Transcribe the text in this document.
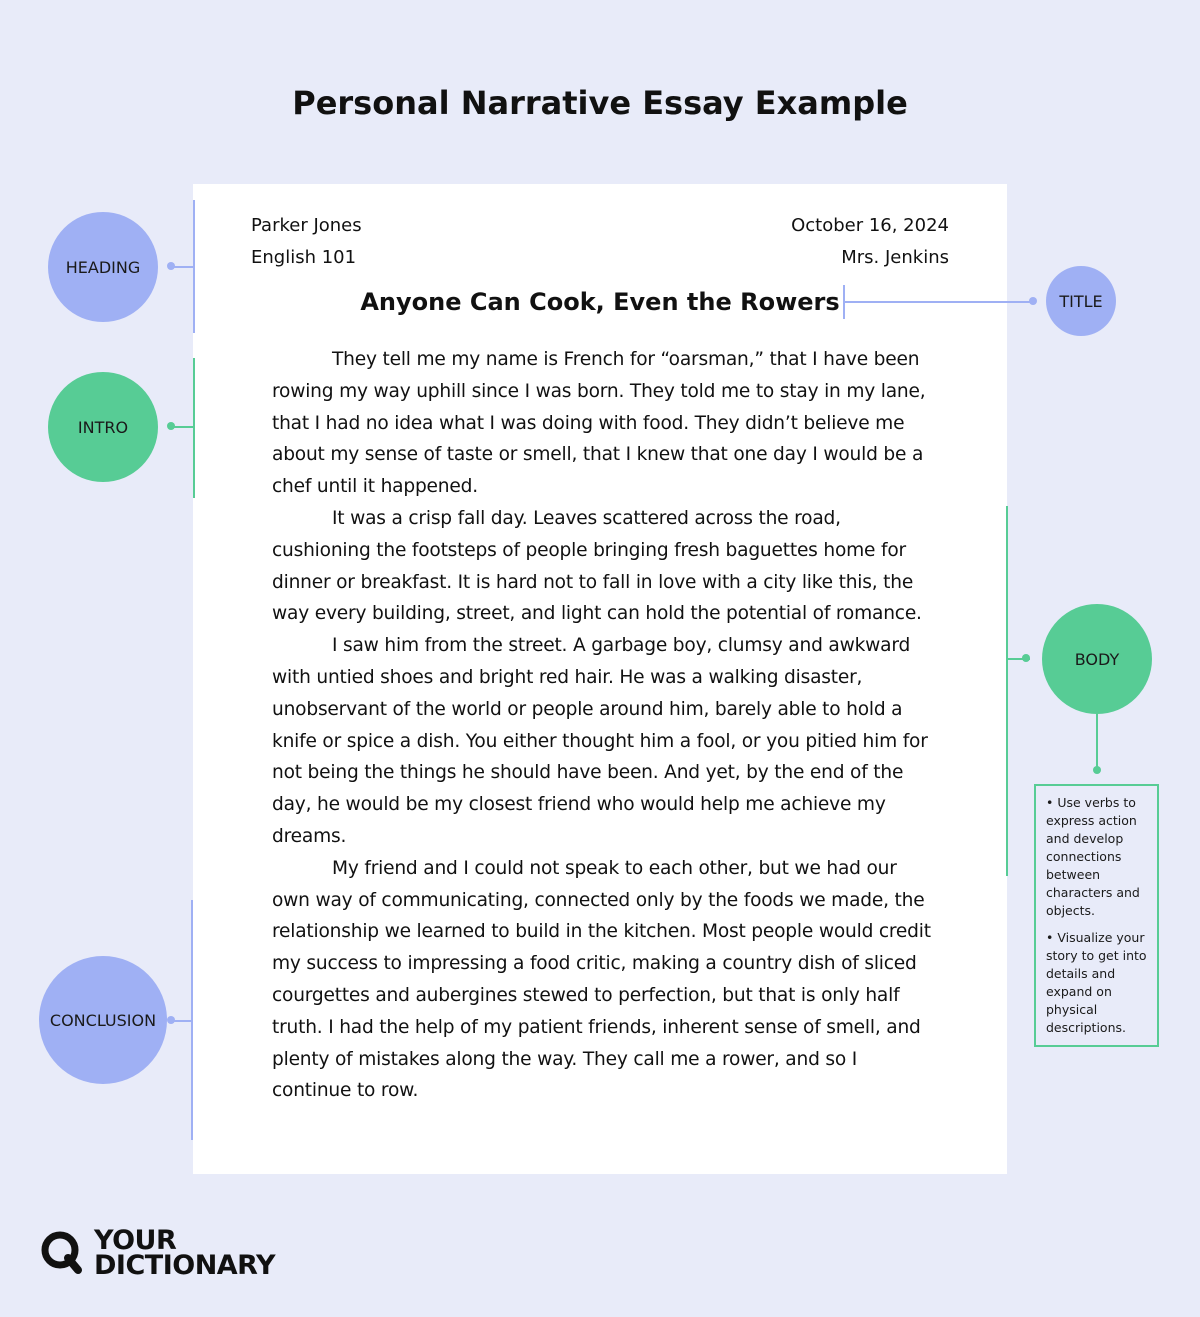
Personal Narrative Essay Example
Parker Jones
English 101
October 16, 2024
Mrs. Jenkins
Anyone Can Cook, Even the Rowers

They tell me my name is French for “oarsman,” that I have been rowing my way uphill since I was born. They told me to stay in my lane, that I had no idea what I was doing with food. They didn’t believe me about my sense of taste or smell, that I knew that one day I would be a chef until it happened.

It was a crisp fall day. Leaves scattered across the road, cushioning the footsteps of people bringing fresh baguettes home for dinner or breakfast. It is hard not to fall in love with a city like this, the way every building, street, and light can hold the potential of romance.

I saw him from the street. A garbage boy, clumsy and awkward with untied shoes and bright red hair. He was a walking disaster, unobservant of the world or people around him, barely able to hold a knife or spice a dish. You either thought him a fool, or you pitied him for not being the things he should have been. And yet, by the end of the day, he would be my closest friend who would help me achieve my dreams.

My friend and I could not speak to each other, but we had our own way of communicating, connected only by the foods we made, the relationship we learned to build in the kitchen. Most people would credit my success to impressing a food critic, making a country dish of sliced courgettes and aubergines stewed to perfection, but that is only half truth. I had the help of my patient friends, inherent sense of smell, and plenty of mistakes along the way. They call me a rower, and so I continue to row.

HEADING
TITLE
INTRO
BODY

• Use verbs to express action and develop connections between characters and objects.

• Visualize your story to get into details and expand on physical descriptions.

CONCLUSION
YOUR
DICTIONARY
